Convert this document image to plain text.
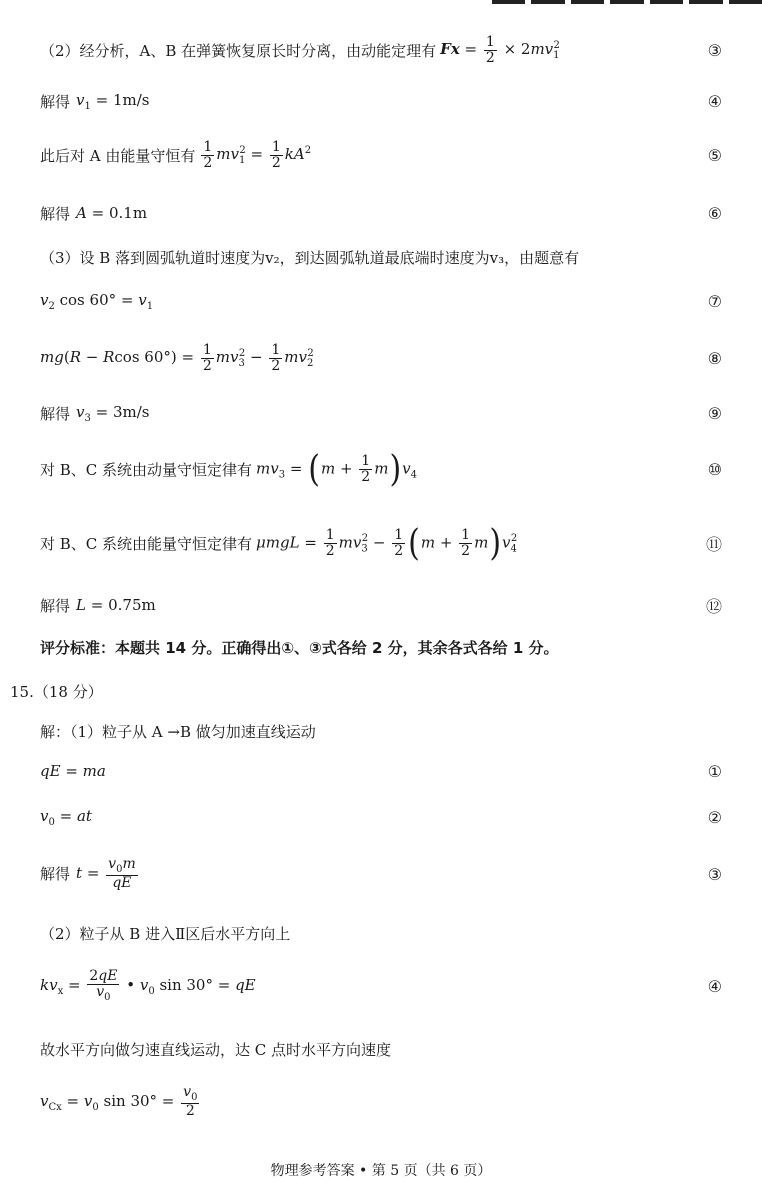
（2）经分析，A、B 在弹簧恢复原长时分离，由动能定理有 $Fx = \frac{1}{2} \times 2mv_1^2$	③
解得 $v_1 = 1m/s$	④
此后对 A 由能量守恒有 $\frac{1}{2} mv_1^2 = \frac{1}{2} kA^2$	⑤
解得 A = 0.1m	⑥
（3）设 B 落到圆弧轨道时速度为v₂，到达圆弧轨道最底端时速度为v₃，由题意有
$v_2$ $\cos 60^\circ = v_1$	⑦
mg(R − Rcos $60^\circ) = \frac{1}{2} mv_3^2 - \frac{1}{2} mv_2^2$	⑧
解得 $v_3 = 3m/s$	⑨
对 B、C 系统由动量守恒定律有 $mv_3 = (m + \frac{1}{2} m)v_4$	⑩
对 B、C 系统由能量守恒定律有 $\mu mgL = \frac{1}{2} mv_3^2 - \frac{1}{2} (m + \frac{1}{2} m)v_4^2$	⑪
解得 L = 0.75m	⑫
评分标准：本题共 14 分。正确得出①、③式各给 2 分，其余各式各给 1 分。
15.（18 分）
解：（1）粒子从 A →B 做匀加速直线运动
qE = ma	①
$v_0$ = at	②
解得 $t = \frac{v_0m}{qE}$	③
（2）粒子从 B 进入Ⅱ区后水平方向上
$kv_x = \frac{2qE}{v_0}$ • $v_0$ sin 30° = qE	④
故水平方向做匀速直线运动，达 C 点时水平方向速度
$v_{Cx} = v_0$ $\sin 30^\circ = \frac{v_0}{2}$
物理参考答案 • 第 5 页（共 6 页）
